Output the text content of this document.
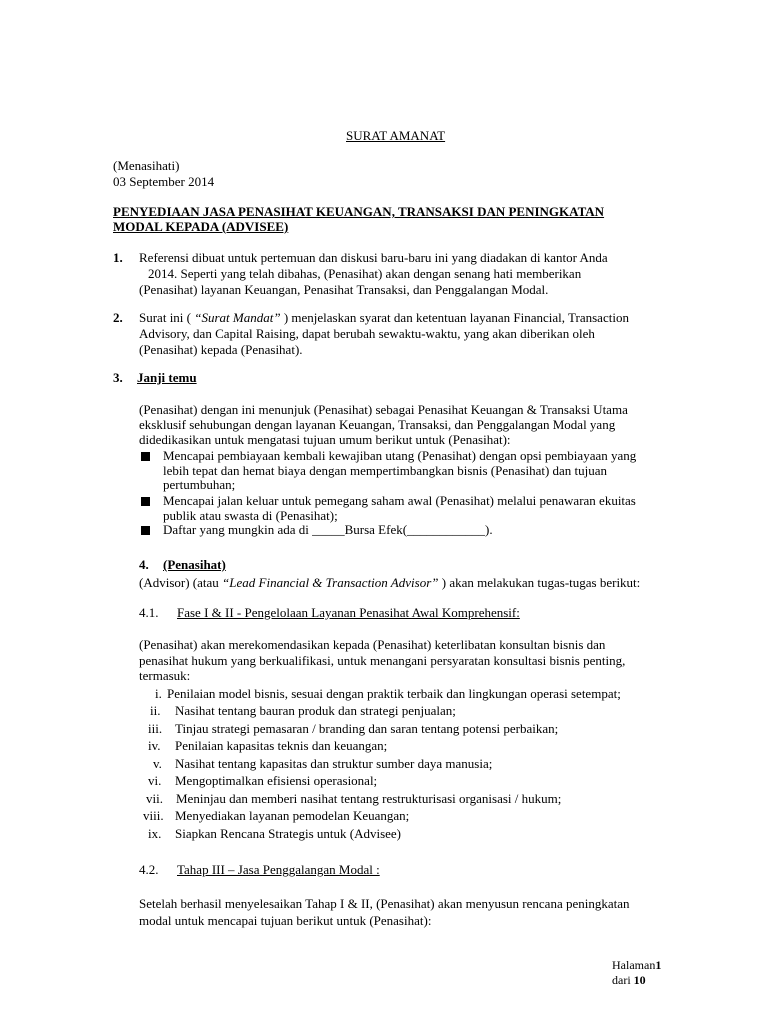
SURAT AMANAT
(Menasihati)
03 September 2014
PENYEDIAAN JASA PENASIHAT KEUANGAN, TRANSAKSI DAN PENINGKATAN
MODAL KEPADA (ADVISEE)
1. Referensi dibuat untuk pertemuan dan diskusi baru-baru ini yang diadakan di kantor Anda
2014. Seperti yang telah dibahas, (Penasihat) akan dengan senang hati memberikan
(Penasihat) layanan Keuangan, Penasihat Transaksi, dan Penggalangan Modal.
2. Surat ini ( “Surat Mandat” ) menjelaskan syarat dan ketentuan layanan Financial, Transaction
Advisory, dan Capital Raising, dapat berubah sewaktu-waktu, yang akan diberikan oleh
(Penasihat) kepada (Penasihat).
3. Janji temu
(Penasihat) dengan ini menunjuk (Penasihat) sebagai Penasihat Keuangan & Transaksi Utama
eksklusif sehubungan dengan layanan Keuangan, Transaksi, dan Penggalangan Modal yang
didedikasikan untuk mengatasi tujuan umum berikut untuk (Penasihat):
Mencapai pembiayaan kembali kewajiban utang (Penasihat) dengan opsi pembiayaan yang
lebih tepat dan hemat biaya dengan mempertimbangkan bisnis (Penasihat) dan tujuan
pertumbuhan;
Mencapai jalan keluar untuk pemegang saham awal (Penasihat) melalui penawaran ekuitas
publik atau swasta di (Penasihat);
Daftar yang mungkin ada di _____Bursa Efek(____________).
4. (Penasihat)
(Advisor) (atau “Lead Financial & Transaction Advisor” ) akan melakukan tugas-tugas berikut:
4.1. Fase I & II - Pengelolaan Layanan Penasihat Awal Komprehensif:
(Penasihat) akan merekomendasikan kepada (Penasihat) keterlibatan konsultan bisnis dan
penasihat hukum yang berkualifikasi, untuk menangani persyaratan konsultasi bisnis penting,
termasuk:
i. Penilaian model bisnis, sesuai dengan praktik terbaik dan lingkungan operasi setempat;
ii. Nasihat tentang bauran produk dan strategi penjualan;
iii. Tinjau strategi pemasaran / branding dan saran tentang potensi perbaikan;
iv. Penilaian kapasitas teknis dan keuangan;
v. Nasihat tentang kapasitas dan struktur sumber daya manusia;
vi. Mengoptimalkan efisiensi operasional;
vii. Meninjau dan memberi nasihat tentang restrukturisasi organisasi / hukum;
viii. Menyediakan layanan pemodelan Keuangan;
ix. Siapkan Rencana Strategis untuk (Advisee)
4.2. Tahap III – Jasa Penggalangan Modal :
Setelah berhasil menyelesaikan Tahap I & II, (Penasihat) akan menyusun rencana peningkatan
modal untuk mencapai tujuan berikut untuk (Penasihat):
Halaman1
dari 10
